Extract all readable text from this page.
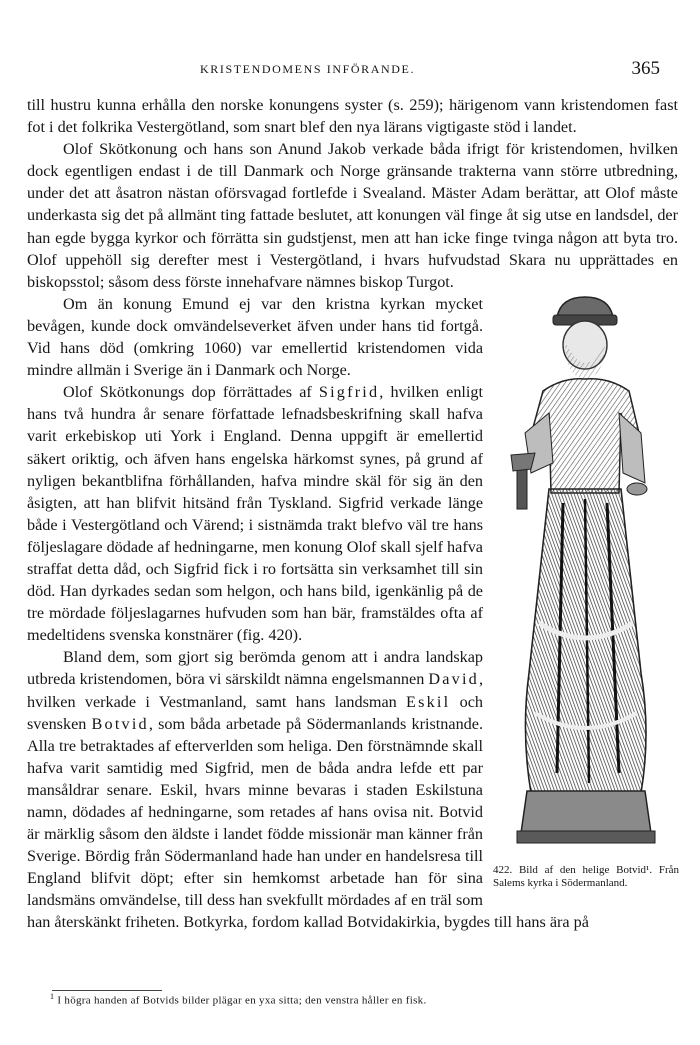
KRISTENDOMENS INFÖRANDE.	365

till hustru kunna erhålla den norske konungens syster (s. 259); härigenom vann kristendomen fast fot i det folkrika Vestergötland, som snart blef den nya lärans vigtigaste stöd i landet.

Olof Skötkonung och hans son Anund Jakob verkade båda ifrigt för kristendomen, hvilken dock egentligen endast i de till Danmark och Norge gränsande trakterna vann större utbredning, under det att åsatron nästan oförsvagad fortlefde i Svealand. Mäster Adam berättar, att Olof måste underkasta sig det på allmänt ting fattade beslutet, att konungen väl finge åt sig utse en landsdel, der han egde bygga kyrkor och förrätta sin gudstjenst, men att han icke finge tvinga någon att byta tro. Olof uppehöll sig derefter mest i Vestergötland, i hvars hufvudstad Skara nu upprättades en biskopsstol; såsom dess förste innehafvare nämnes biskop Turgot.

422. Bild af den helige Botvid¹. Från Salems kyrka i Södermanland.

Om än konung Emund ej var den kristna kyrkan mycket bevågen, kunde dock omvändelseverket äfven under hans tid fortgå. Vid hans död (omkring 1060) var emellertid kristendomen vida mindre allmän i Sverige än i Danmark och Norge.

Olof Skötkonungs dop förrättades af Sigfrid, hvilken enligt hans två hundra år senare författade lefnadsbeskrifning skall hafva varit erkebiskop uti York i England. Denna uppgift är emellertid säkert oriktig, och äfven hans engelska härkomst synes, på grund af nyligen bekantblifna förhållanden, hafva mindre skäl för sig än den åsigten, att han blifvit hitsänd från Tyskland. Sigfrid verkade länge både i Vestergötland och Värend; i sistnämda trakt blefvo väl tre hans följeslagare dödade af hedningarne, men konung Olof skall sjelf hafva straffat detta dåd, och Sigfrid fick i ro fortsätta sin verksamhet till sin död. Han dyrkades sedan som helgon, och hans bild, igenkänlig på de tre mördade följeslagarnes hufvuden som han bär, framstäldes ofta af medeltidens svenska konstnärer (fig. 420).

Bland dem, som gjort sig berömda genom att i andra landskap utbreda kristendomen, böra vi särskildt nämna engelsmannen David, hvilken verkade i Vestmanland, samt hans landsman Eskil och svensken Botvid, som båda arbetade på Södermanlands kristnande. Alla tre betraktades af efterverlden som heliga. Den förstnämnde skall hafva varit samtidig med Sigfrid, men de båda andra lefde ett par mansåldrar senare. Eskil, hvars minne bevaras i staden Eskilstuna namn, dödades af hedningarne, som retades af hans ovisa nit. Botvid är märklig såsom den äldste i landet födde missionär man känner från Sverige. Bördig från Södermanland hade han under en handelsresa till England blifvit döpt; efter sin hemkomst arbetade han för sina landsmäns omvändelse, till dess han svekfullt mördades af en träl som han återskänkt friheten. Botkyrka, fordom kallad Botvidakirkia, bygdes till hans ära på

$^1$ I högra handen af Botvids bilder plägar en yxa sitta; den venstra håller en fisk.
